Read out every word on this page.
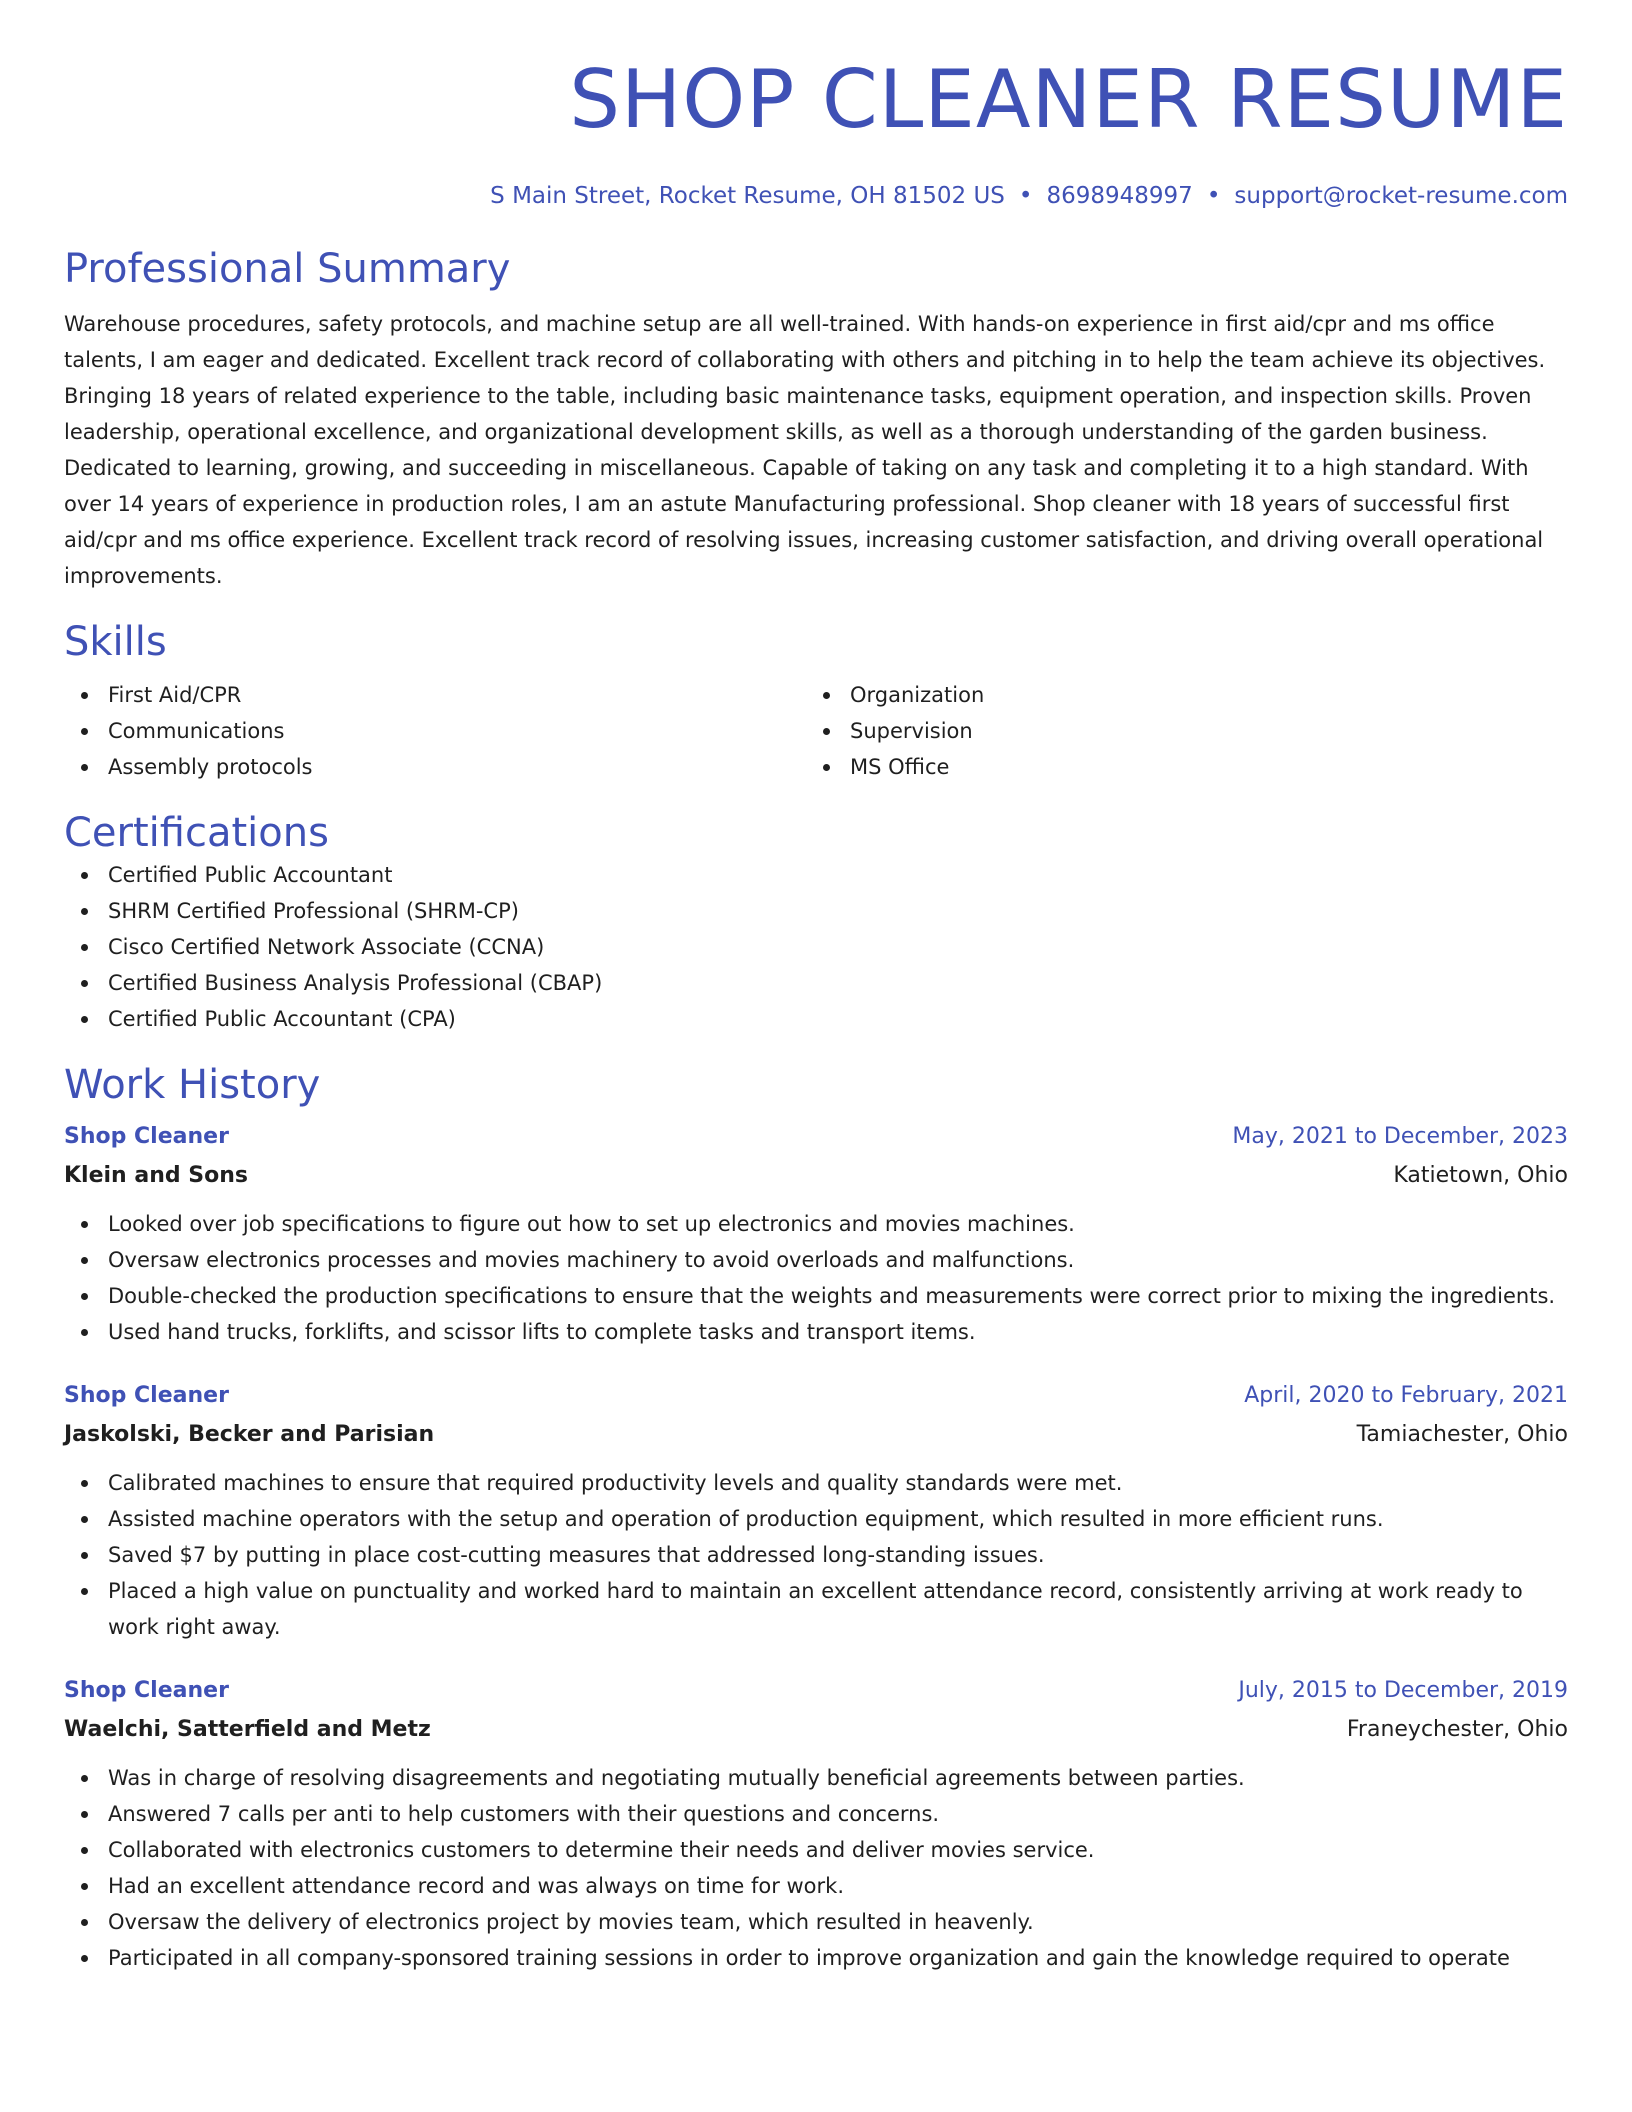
SHOP CLEANER RESUME
S Main Street, Rocket Resume, OH 81502 US • 8698948997 • support@rocket-resume.com
Professional Summary

Warehouse procedures, safety protocols, and machine setup are all well-trained. With hands-on experience in first aid/cpr and ms office talents, I am eager and dedicated. Excellent track record of collaborating with others and pitching in to help the team achieve its objectives. Bringing 18 years of related experience to the table, including basic maintenance tasks, equipment operation, and inspection skills. Proven leadership, operational excellence, and organizational development skills, as well as a thorough understanding of the garden business. Dedicated to learning, growing, and succeeding in miscellaneous. Capable of taking on any task and completing it to a high standard. With over 14 years of experience in production roles, I am an astute Manufacturing professional. Shop cleaner with 18 years of successful first aid/cpr and ms office experience. Excellent track record of resolving issues, increasing customer satisfaction, and driving overall operational improvements.

Skills
First Aid/CPR
Communications
Assembly protocols
Organization
Supervision
MS Office
Certifications
Certified Public Accountant
SHRM Certified Professional (SHRM-CP)
Cisco Certified Network Associate (CCNA)
Certified Business Analysis Professional (CBAP)
Certified Public Accountant (CPA)
Work History
Shop Cleaner	May, 2021 to December, 2023
Klein and Sons	Katietown, Ohio
Looked over job specifications to figure out how to set up electronics and movies machines.
Oversaw electronics processes and movies machinery to avoid overloads and malfunctions.
Double-checked the production specifications to ensure that the weights and measurements were correct prior to mixing the ingredients.
Used hand trucks, forklifts, and scissor lifts to complete tasks and transport items.
Shop Cleaner	April, 2020 to February, 2021
Jaskolski, Becker and Parisian	Tamiachester, Ohio
Calibrated machines to ensure that required productivity levels and quality standards were met.
Assisted machine operators with the setup and operation of production equipment, which resulted in more efficient runs.
Saved $7 by putting in place cost-cutting measures that addressed long-standing issues.
Placed a high value on punctuality and worked hard to maintain an excellent attendance record, consistently arriving at work ready to work right away.
Shop Cleaner	July, 2015 to December, 2019
Waelchi, Satterfield and Metz	Franeychester, Ohio
Was in charge of resolving disagreements and negotiating mutually beneficial agreements between parties.
Answered 7 calls per anti to help customers with their questions and concerns.
Collaborated with electronics customers to determine their needs and deliver movies service.
Had an excellent attendance record and was always on time for work.
Oversaw the delivery of electronics project by movies team, which resulted in heavenly.
Participated in all company-sponsored training sessions in order to improve organization and gain the knowledge required to operate
